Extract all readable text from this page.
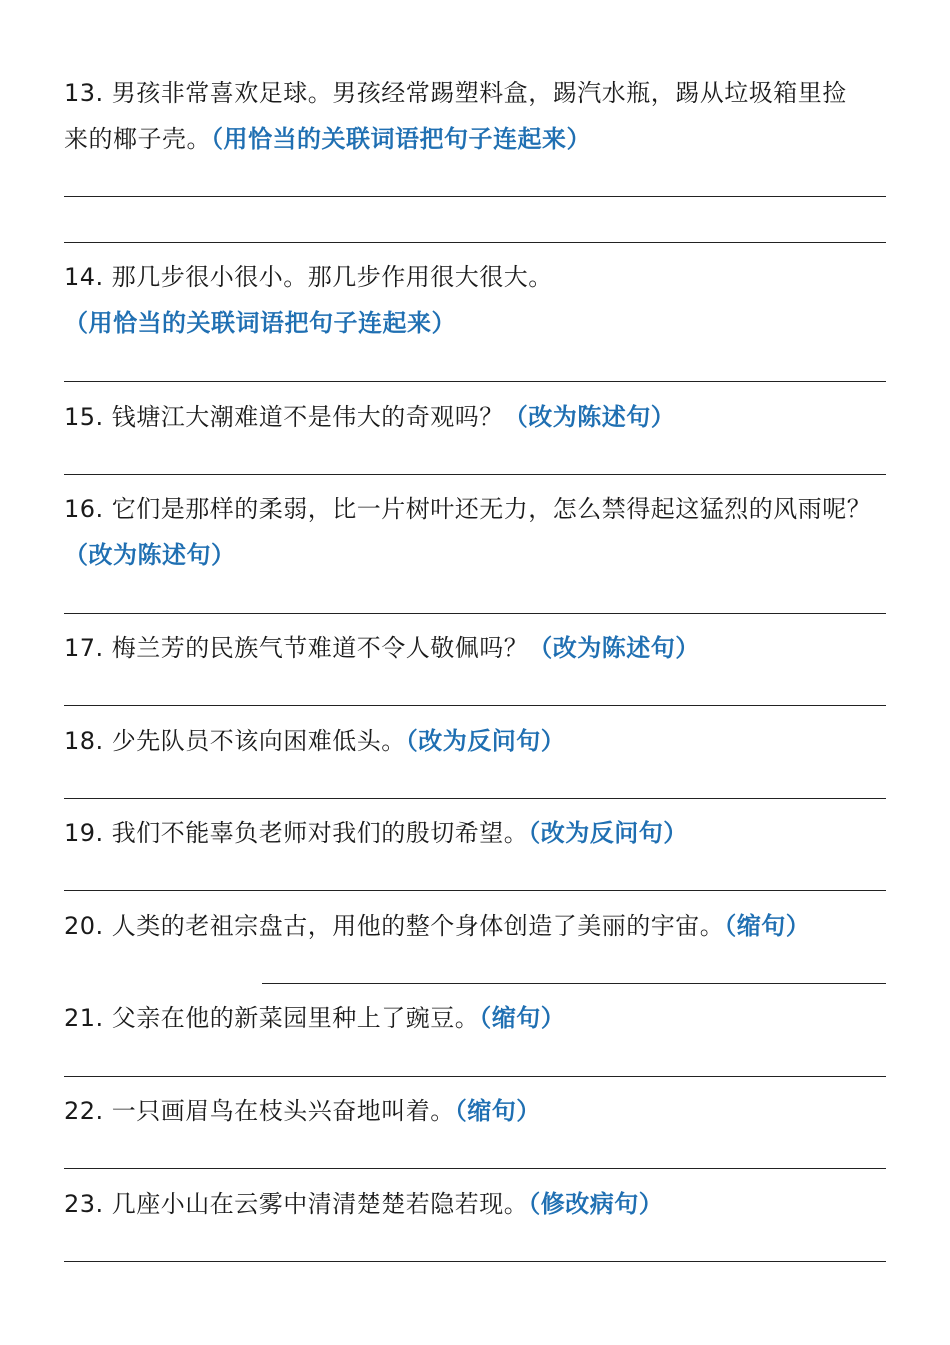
13. 男孩非常喜欢足球。男孩经常踢塑料盒，踢汽水瓶，踢从垃圾箱里捡
来的椰子壳。（用恰当的关联词语把句子连起来）
14. 那几步很小很小。那几步作用很大很大。
（用恰当的关联词语把句子连起来）
15. 钱塘江大潮难道不是伟大的奇观吗？（改为陈述句）
16. 它们是那样的柔弱，比一片树叶还无力，怎么禁得起这猛烈的风雨呢？
（改为陈述句）
17. 梅兰芳的民族气节难道不令人敬佩吗？（改为陈述句）
18. 少先队员不该向困难低头。（改为反问句）
19. 我们不能辜负老师对我们的殷切希望。（改为反问句）
20. 人类的老祖宗盘古，用他的整个身体创造了美丽的宇宙。（缩句）
21. 父亲在他的新菜园里种上了豌豆。（缩句）
22. 一只画眉鸟在枝头兴奋地叫着。（缩句）
23. 几座小山在云雾中清清楚楚若隐若现。（修改病句）
